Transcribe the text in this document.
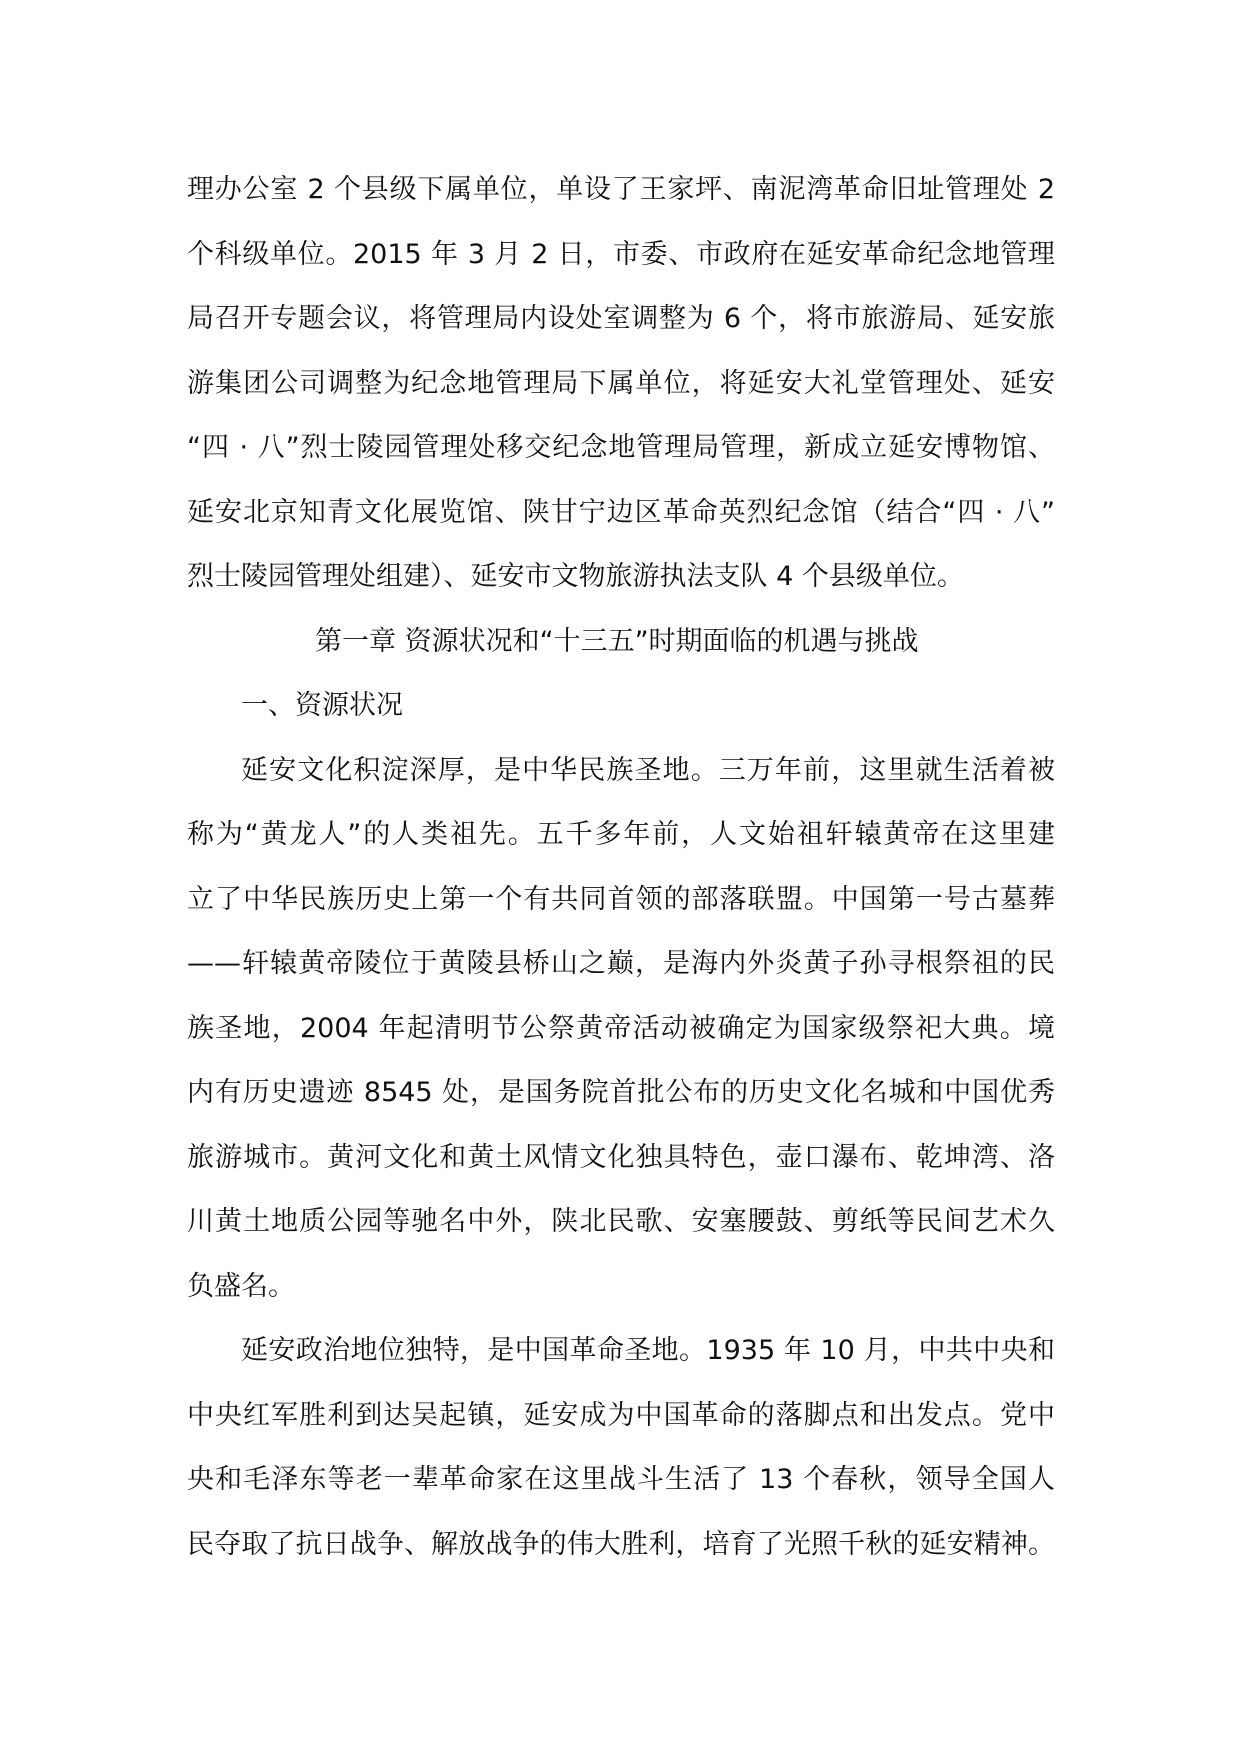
理办公室 2 个县级下属单位，单设了王家坪、南泥湾革命旧址管理处 2
个科级单位。2015 年 3 月 2 日，市委、市政府在延安革命纪念地管理
局召开专题会议，将管理局内设处室调整为 6 个，将市旅游局、延安旅
游集团公司调整为纪念地管理局下属单位，将延安大礼堂管理处、延安
“四 · 八”烈士陵园管理处移交纪念地管理局管理，新成立延安博物馆、
延安北京知青文化展览馆、陕甘宁边区革命英烈纪念馆（结合“四 · 八”
烈士陵园管理处组建）、延安市文物旅游执法支队 4 个县级单位。
第一章 资源状况和“十三五”时期面临的机遇与挑战
一、资源状况
延安文化积淀深厚，是中华民族圣地。三万年前，这里就生活着被
称为“黄龙人”的人类祖先。五千多年前，人文始祖轩辕黄帝在这里建
立了中华民族历史上第一个有共同首领的部落联盟。中国第一号古墓葬
——轩辕黄帝陵位于黄陵县桥山之巅，是海内外炎黄子孙寻根祭祖的民
族圣地，2004 年起清明节公祭黄帝活动被确定为国家级祭祀大典。境
内有历史遗迹 8545 处，是国务院首批公布的历史文化名城和中国优秀
旅游城市。黄河文化和黄土风情文化独具特色，壶口瀑布、乾坤湾、洛
川黄土地质公园等驰名中外，陕北民歌、安塞腰鼓、剪纸等民间艺术久
负盛名。
延安政治地位独特，是中国革命圣地。1935 年 10 月，中共中央和
中央红军胜利到达吴起镇，延安成为中国革命的落脚点和出发点。党中
央和毛泽东等老一辈革命家在这里战斗生活了 13 个春秋，领导全国人
民夺取了抗日战争、解放战争的伟大胜利，培育了光照千秋的延安精神。
